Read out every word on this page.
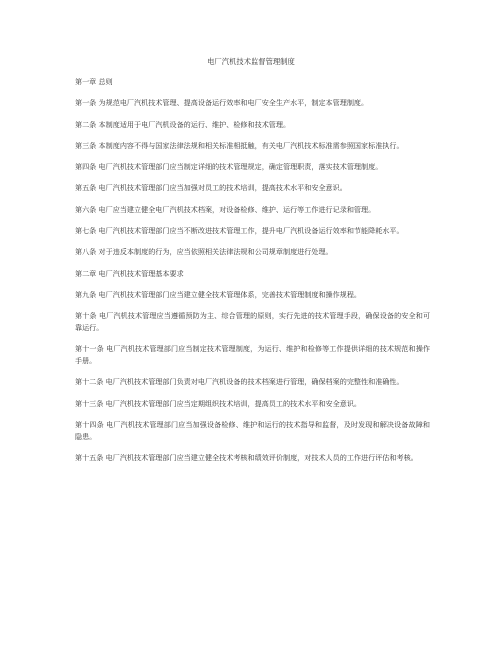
电厂汽机技术监督管理制度

第一章 总则

第一条 为规范电厂汽机技术管理、提高设备运行效率和电厂安全生产水平，制定本管理制度。

第二条 本制度适用于电厂汽机设备的运行、维护、检修和技术管理。

第三条 本制度内容不得与国家法律法规和相关标准相抵触，有关电厂汽机技术标准需参照国家标准执行。

第四条 电厂汽机技术管理部门应当制定详细的技术管理规定，确定管理职责，落实技术管理制度。

第五条 电厂汽机技术管理部门应当加强对员工的技术培训，提高技术水平和安全意识。

第六条 电厂应当建立健全电厂汽机技术档案，对设备检修、维护、运行等工作进行记录和管理。

第七条 电厂汽机技术管理部门应当不断改进技术管理工作，提升电厂汽机设备运行效率和节能降耗水平。

第八条 对于违反本制度的行为，应当依照相关法律法规和公司规章制度进行处理。

第二章 电厂汽机技术管理基本要求

第九条 电厂汽机技术管理部门应当建立健全技术管理体系，完善技术管理制度和操作规程。

第十条 电厂汽机技术管理应当遵循预防为主、综合管理的原则，实行先进的技术管理手段，确保设备的安全和可靠运行。

第十一条 电厂汽机技术管理部门应当制定技术管理制度，为运行、维护和检修等工作提供详细的技术规范和操作手册。

第十二条 电厂汽机技术管理部门负责对电厂汽机设备的技术档案进行管理，确保档案的完整性和准确性。

第十三条 电厂汽机技术管理部门应当定期组织技术培训，提高员工的技术水平和安全意识。

第十四条 电厂汽机技术管理部门应当加强设备检修、维护和运行的技术指导和监督，及时发现和解决设备故障和隐患。

第十五条 电厂汽机技术管理部门应当建立健全技术考核和绩效评价制度，对技术人员的工作进行评估和考核。
